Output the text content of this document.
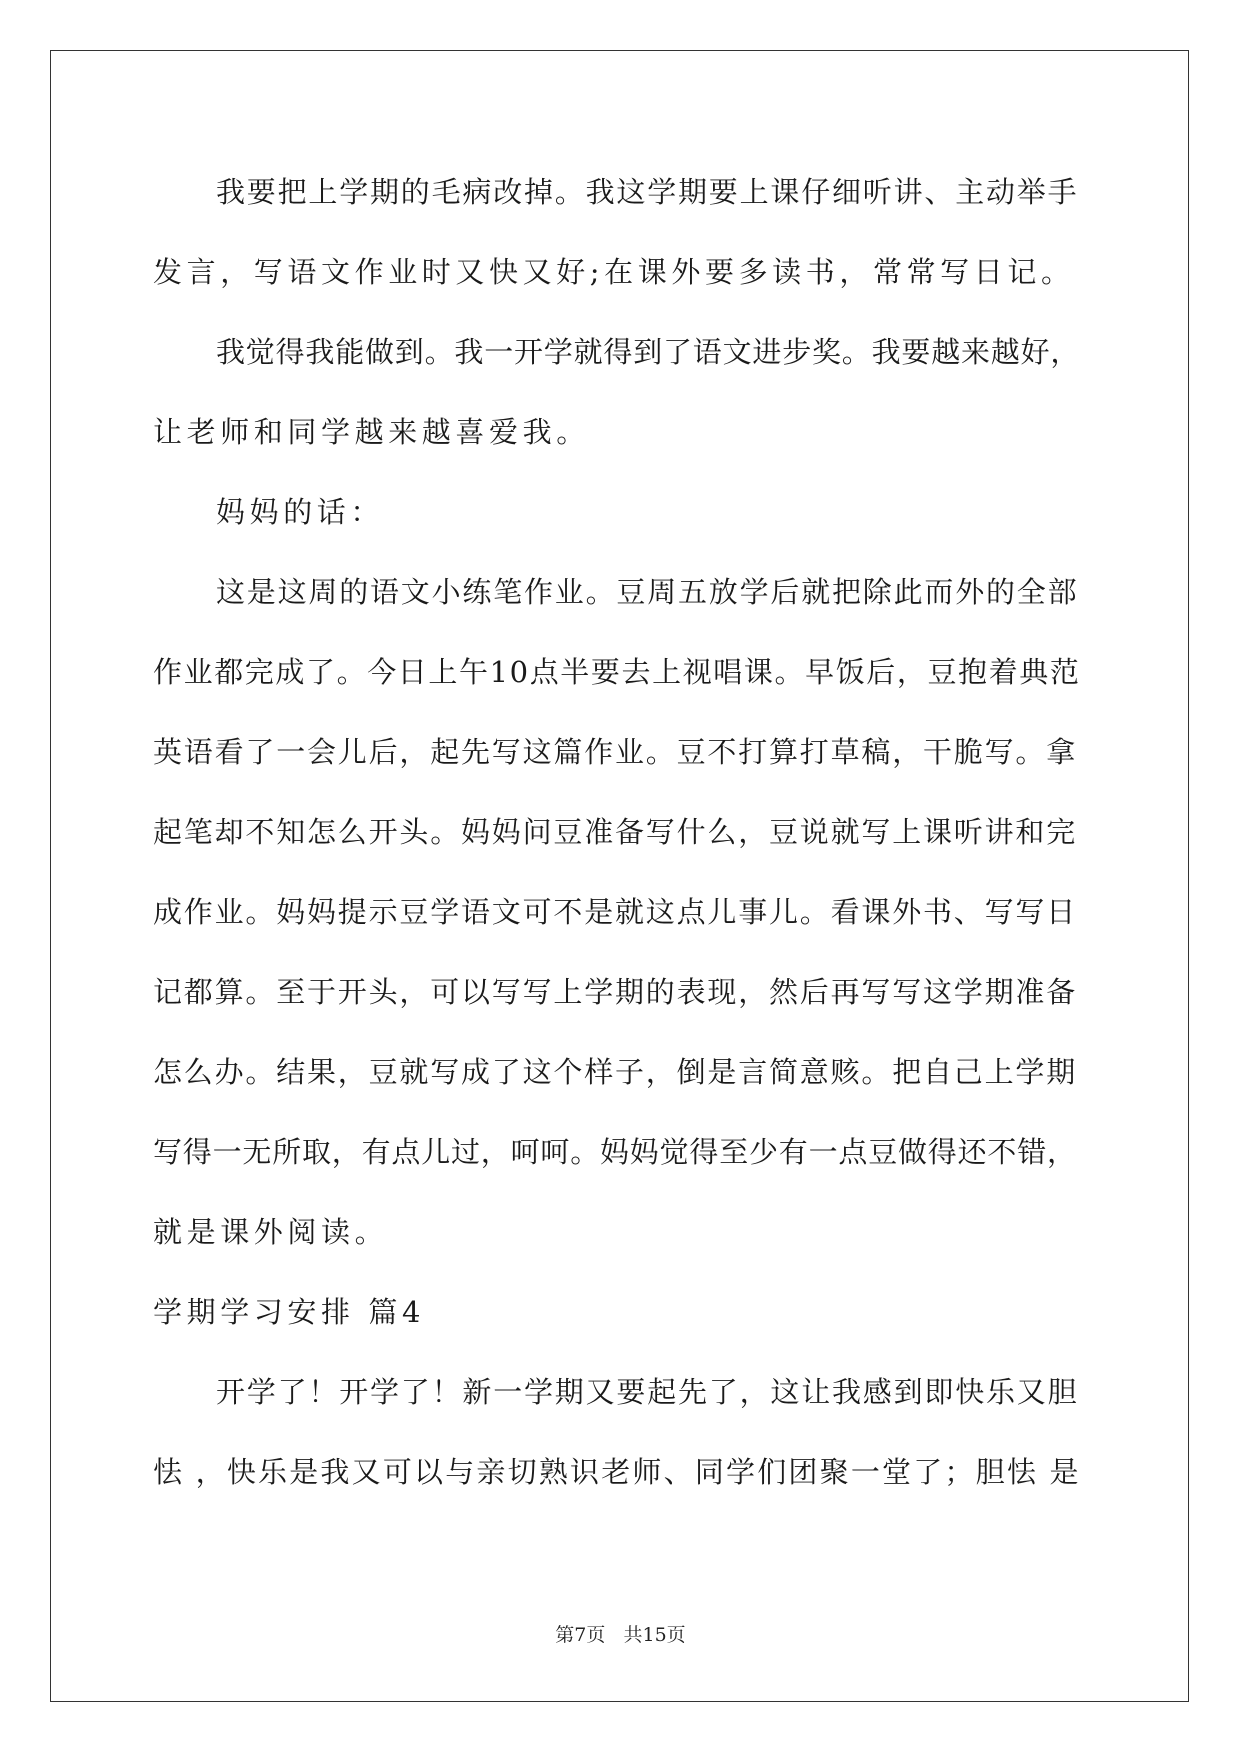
我要把上学期的毛病改掉。我这学期要上课仔细听讲、主动举手
发言，写语文作业时又快又好;在课外要多读书，常常写日记。
我觉得我能做到。我一开学就得到了语文进步奖。我要越来越好，
让老师和同学越来越喜爱我。
妈妈的话：
这是这周的语文小练笔作业。豆周五放学后就把除此而外的全部
作业都完成了。今日上午10点半要去上视唱课。早饭后，豆抱着典范
英语看了一会儿后，起先写这篇作业。豆不打算打草稿，干脆写。拿
起笔却不知怎么开头。妈妈问豆准备写什么，豆说就写上课听讲和完
成作业。妈妈提示豆学语文可不是就这点儿事儿。看课外书、写写日
记都算。至于开头，可以写写上学期的表现，然后再写写这学期准备
怎么办。结果，豆就写成了这个样子，倒是言简意赅。把自己上学期
写得一无所取，有点儿过，呵呵。妈妈觉得至少有一点豆做得还不错，
就是课外阅读。
学期学习安排 篇4
开学了！开学了！新一学期又要起先了，这让我感到即快乐又胆
怯 ，快乐是我又可以与亲切熟识老师、同学们团聚一堂了；胆怯 是
第7页   共15页
